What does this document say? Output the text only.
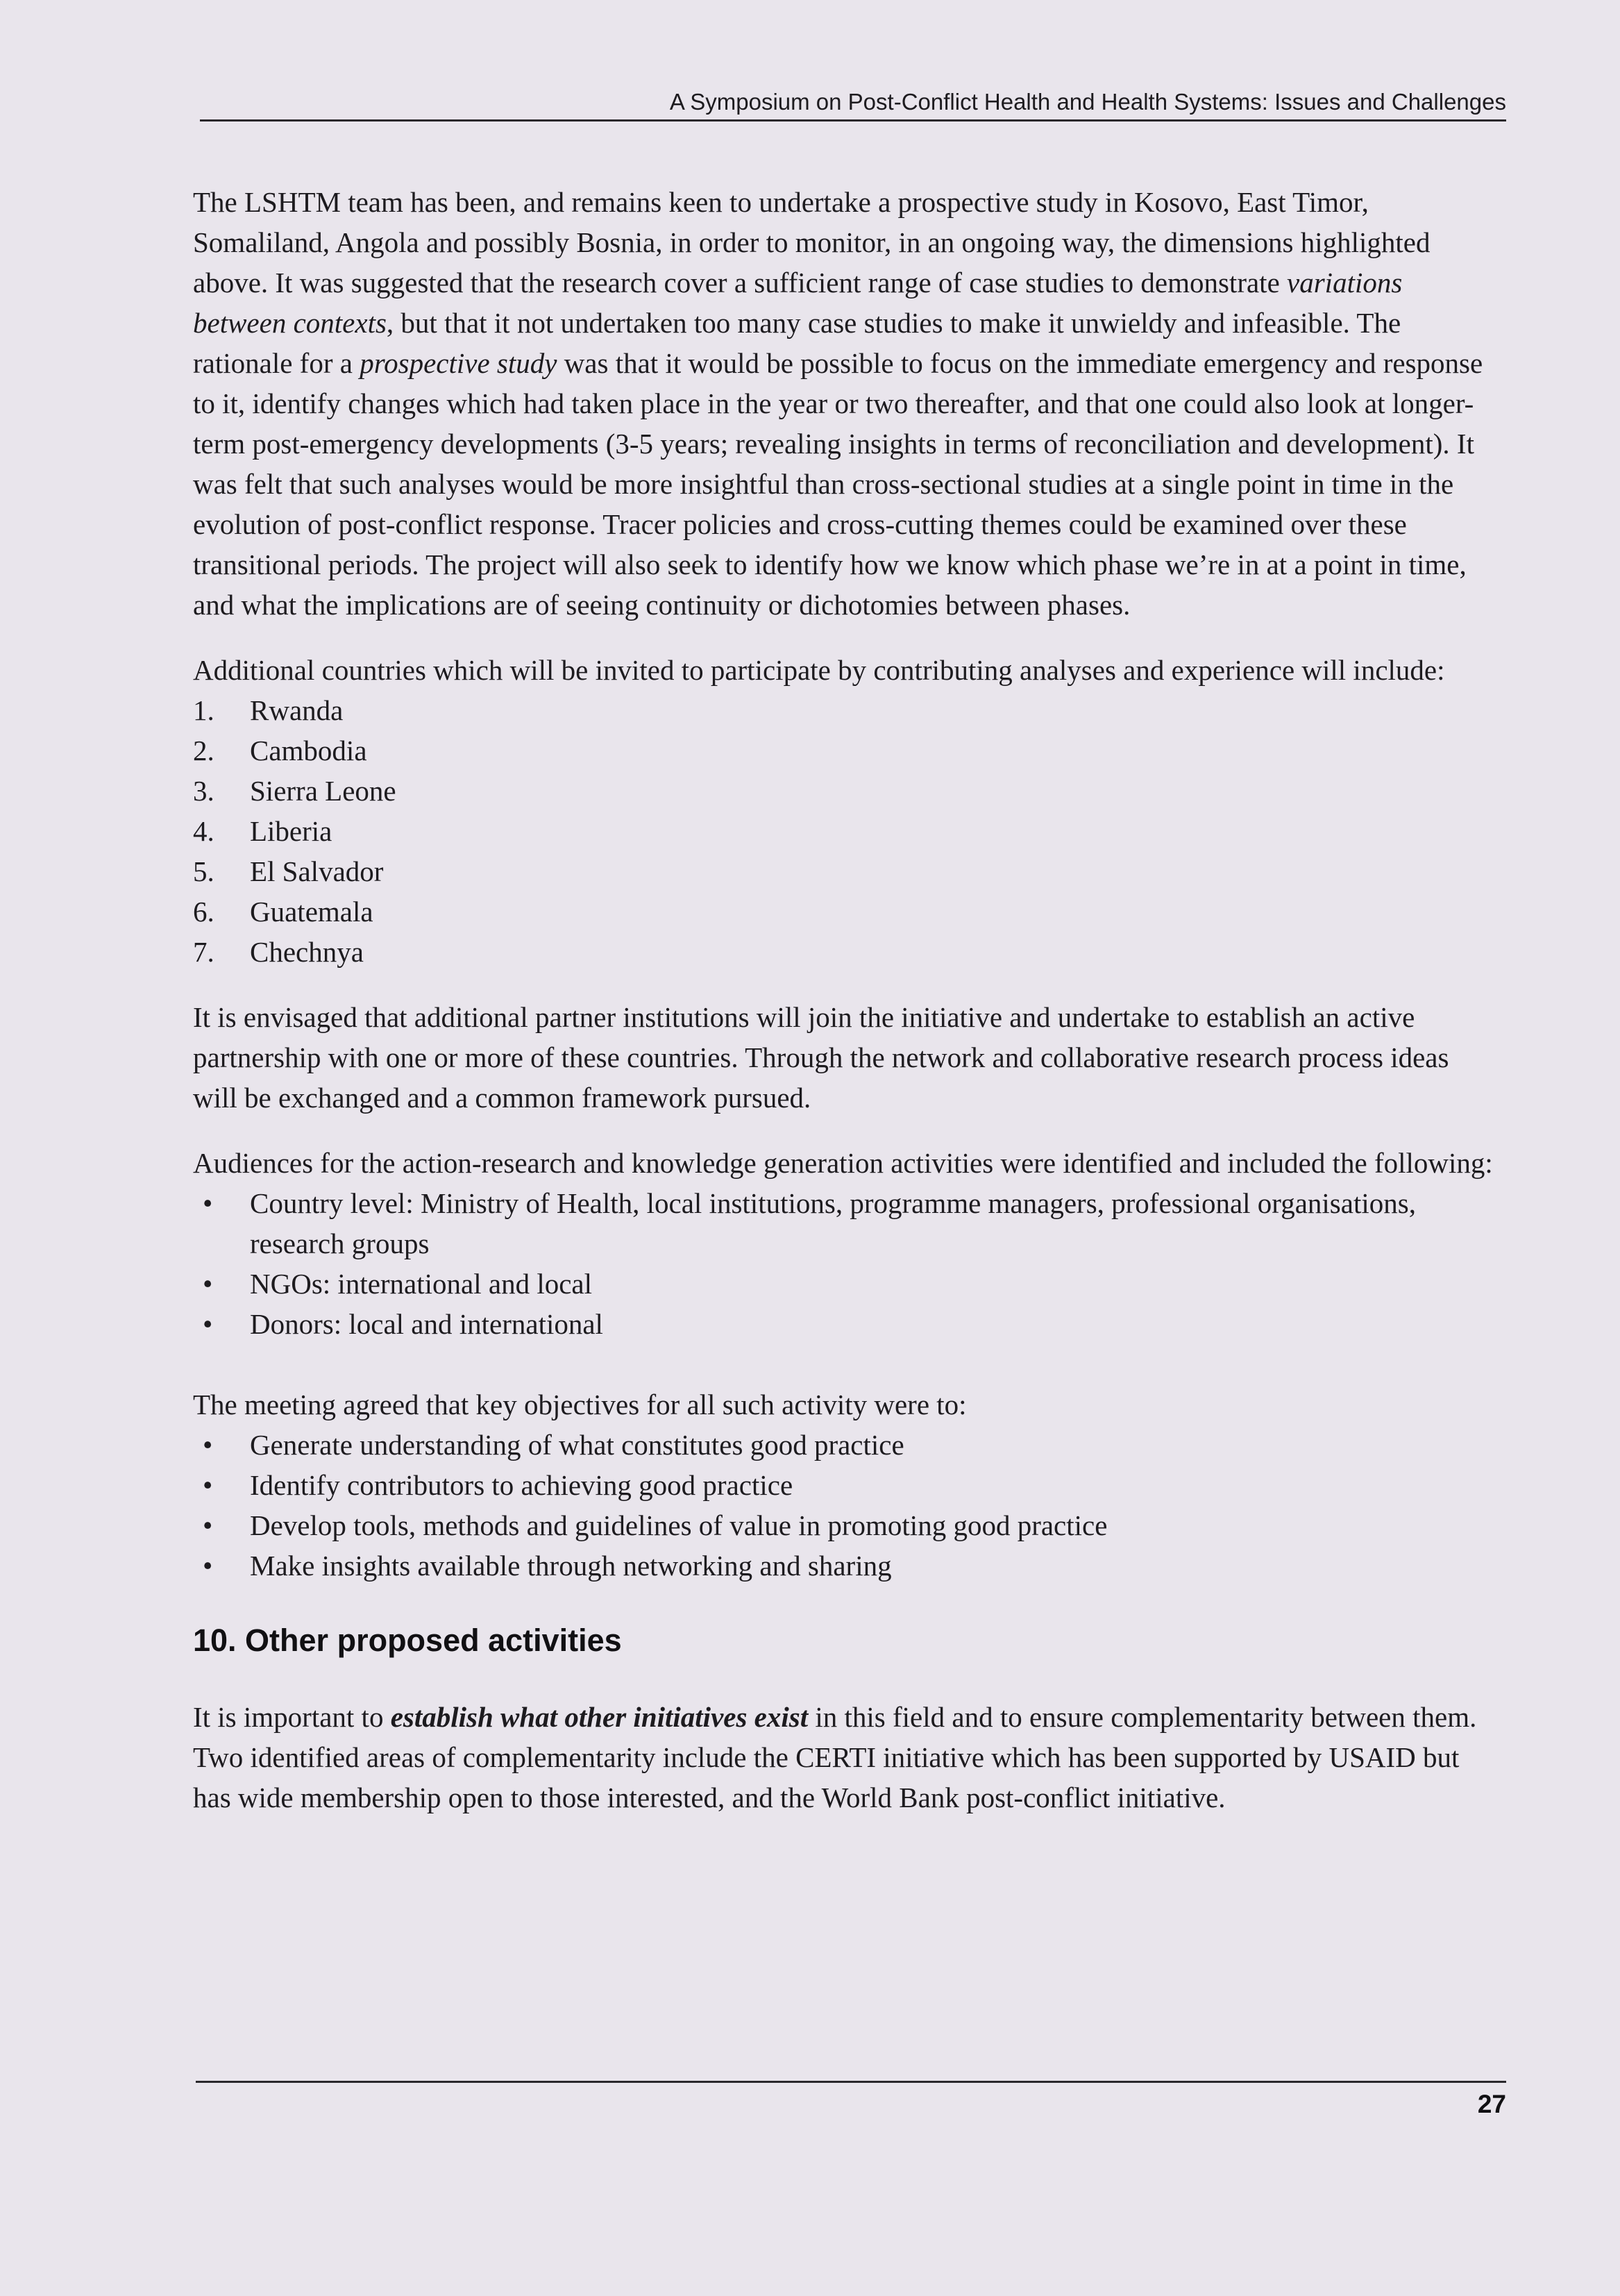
A Symposium on Post-Conflict Health and Health Systems: Issues and Challenges

The LSHTM team has been, and remains keen to undertake a prospective study in Kosovo, East Timor, Somaliland, Angola and possibly Bosnia, in order to monitor, in an ongoing way, the dimensions highlighted above. It was suggested that the research cover a sufficient range of case studies to demonstrate variations between contexts, but that it not undertaken too many case studies to make it unwieldy and infeasible. The rationale for a prospective study was that it would be possible to focus on the immediate emergency and response to it, identify changes which had taken place in the year or two thereafter, and that one could also look at longer-term post-emergency developments (3-5 years; revealing insights in terms of reconciliation and development). It was felt that such analyses would be more insightful than cross-sectional studies at a single point in time in the evolution of post-conflict response. Tracer policies and cross-cutting themes could be examined over these transitional periods. The project will also seek to identify how we know which phase we’re in at a point in time, and what the implications are of seeing continuity or dichotomies between phases.

Additional countries which will be invited to participate by contributing analyses and experience will include:

1.	Rwanda
2.	Cambodia
3.	Sierra Leone
4.	Liberia
5.	El Salvador
6.	Guatemala
7.	Chechnya

It is envisaged that additional partner institutions will join the initiative and undertake to establish an active partnership with one or more of these countries. Through the network and collaborative research process ideas will be exchanged and a common framework pursued.

Audiences for the action-research and knowledge generation activities were identified and included the following:

•	Country level: Ministry of Health, local institutions, programme managers, professional organisations, research groups
•	NGOs: international and local
•	Donors: local and international

The meeting agreed that key objectives for all such activity were to:

•	Generate understanding of what constitutes good practice
•	Identify contributors to achieving good practice
•	Develop tools, methods and guidelines of value in promoting good practice
•	Make insights available through networking and sharing
10. Other proposed activities

It is important to establish what other initiatives exist in this field and to ensure complementarity between them. Two identified areas of complementarity include the CERTI initiative which has been supported by USAID but has wide membership open to those interested, and the World Bank post-conflict initiative.

27
